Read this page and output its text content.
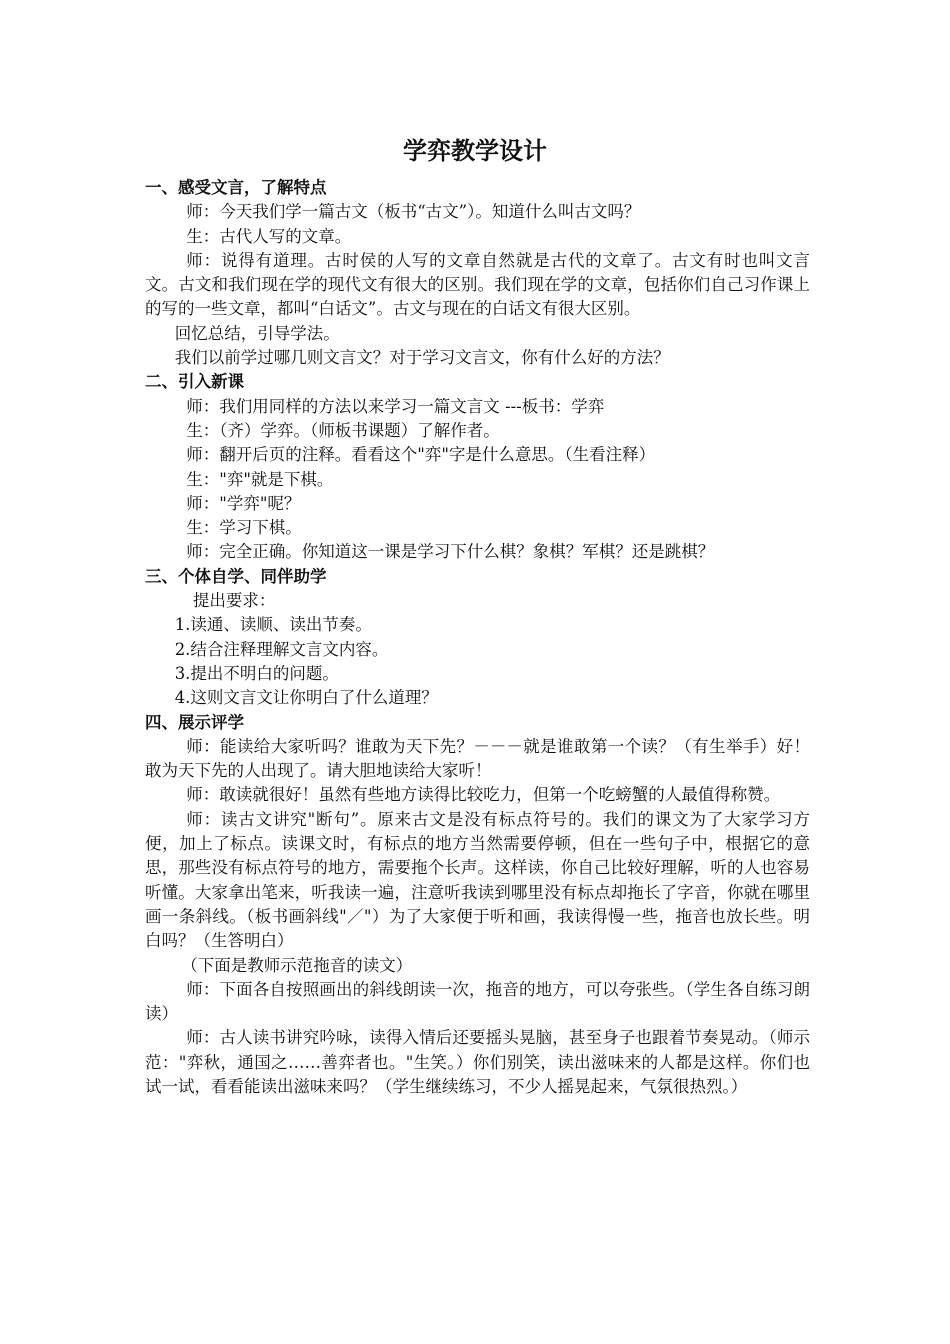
学弈教学设计

一、感受文言，了解特点

师：今天我们学一篇古文（板书“古文”）。知道什么叫古文吗？

生：古代人写的文章。

师：说得有道理。古时侯的人写的文章自然就是古代的文章了。古文有时也叫文言文。古文和我们现在学的现代文有很大的区别。我们现在学的文章，包括你们自己习作课上的写的一些文章，都叫“白话文”。古文与现在的白话文有很大区别。

回忆总结，引导学法。

我们以前学过哪几则文言文？对于学习文言文，你有什么好的方法？

二、引入新课

师：我们用同样的方法以来学习一篇文言文 ---板书：学弈

生：（齐）学弈。（师板书课题）了解作者。

师：翻开后页的注释。看看这个"弈"字是什么意思。（生看注释）

生："弈"就是下棋。

师："学弈"呢？

生：学习下棋。

师：完全正确。你知道这一课是学习下什么棋？象棋？军棋？还是跳棋？

三、个体自学、同伴助学

提出要求：

1.读通、读顺、读出节奏。

2.结合注释理解文言文内容。

3.提出不明白的问题。

4.这则文言文让你明白了什么道理？

四、展示评学

师：能读给大家听吗？谁敢为天下先？－－－就是谁敢第一个读？（有生举手）好！敢为天下先的人出现了。请大胆地读给大家听！

师：敢读就很好！虽然有些地方读得比较吃力，但第一个吃螃蟹的人最值得称赞。

师：读古文讲究"断句”。原来古文是没有标点符号的。我们的课文为了大家学习方便，加上了标点。读课文时，有标点的地方当然需要停顿，但在一些句子中，根据它的意思，那些没有标点符号的地方，需要拖个长声。这样读，你自己比较好理解，听的人也容易听懂。大家拿出笔来，听我读一遍，注意听我读到哪里没有标点却拖长了字音，你就在哪里画一条斜线。（板书画斜线"／"）为了大家便于听和画，我读得慢一些，拖音也放长些。明白吗？（生答明白）

（下面是教师示范拖音的读文）

师：下面各自按照画出的斜线朗读一次，拖音的地方，可以夸张些。（学生各自练习朗读）

师：古人读书讲究吟咏，读得入情后还要摇头晃脑，甚至身子也跟着节奏晃动。（师示范："弈秋，通国之……善弈者也。"生笑。）你们别笑，读出滋味来的人都是这样。你们也试一试，看看能读出滋味来吗？（学生继续练习，不少人摇晃起来，气氛很热烈。）
